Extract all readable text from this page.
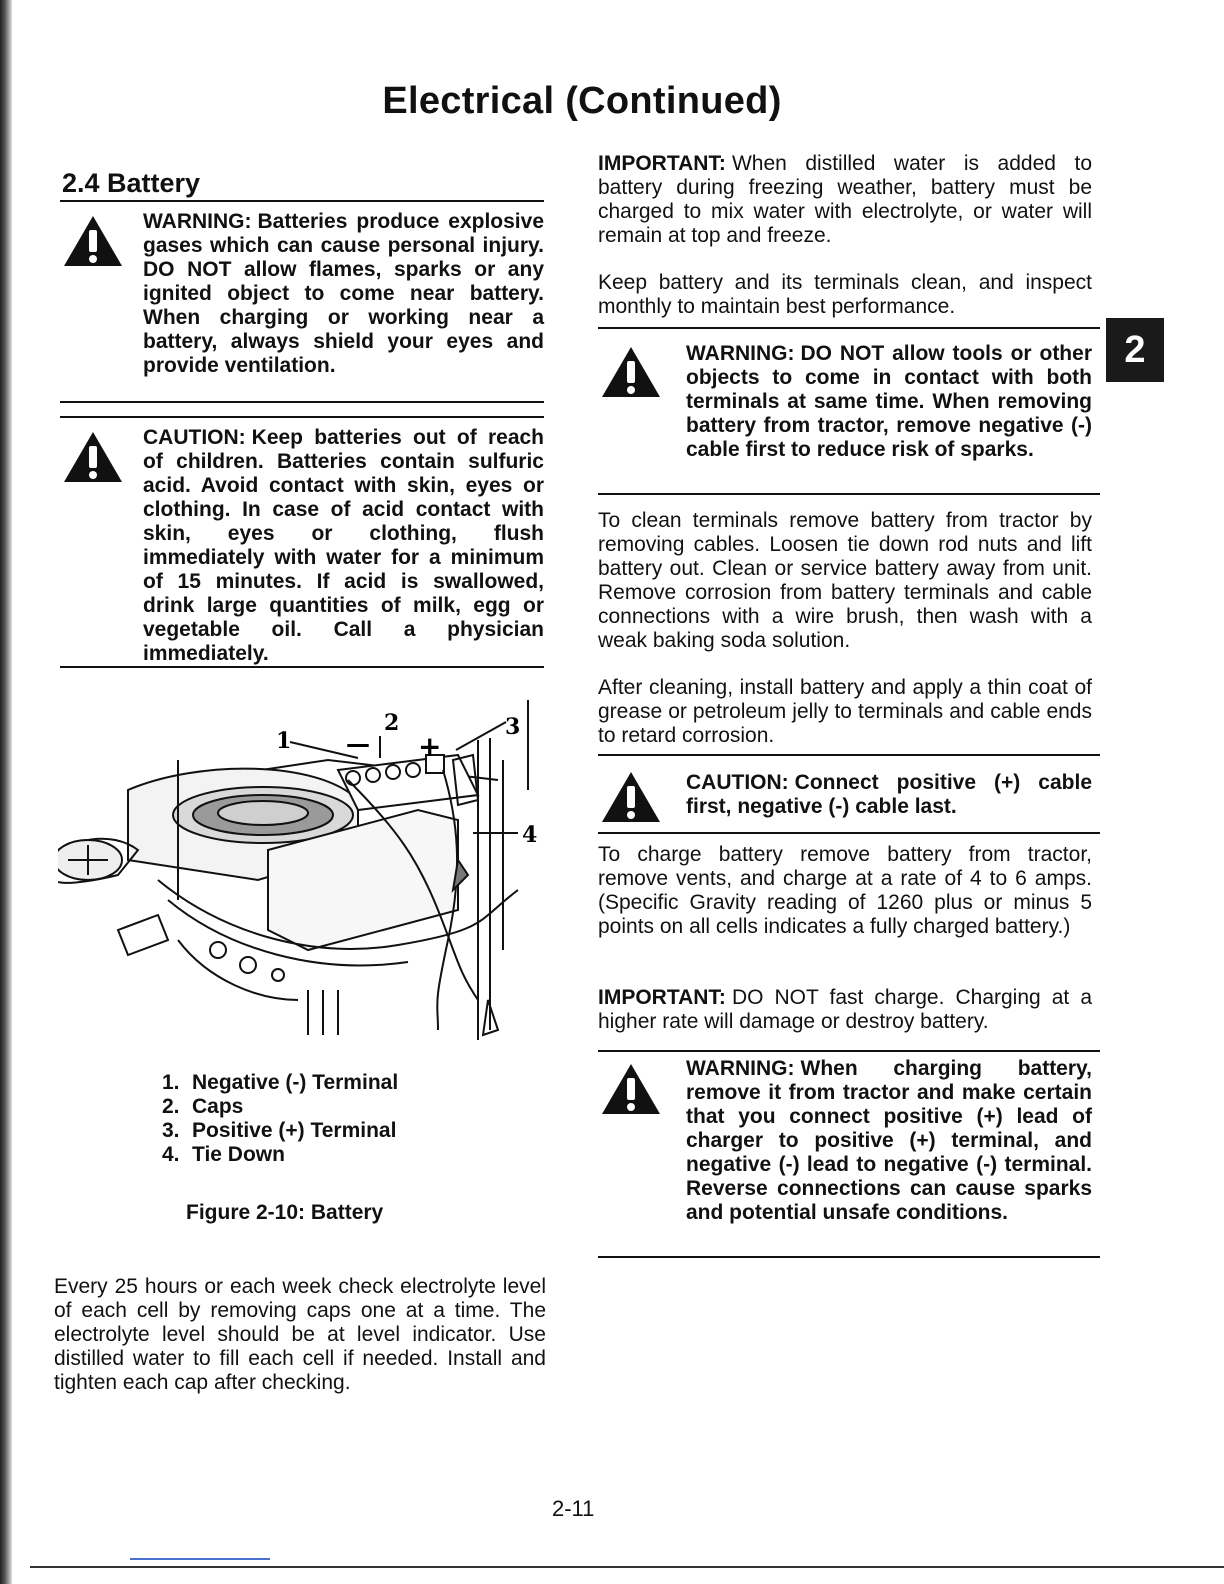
Electrical (Continued)
2.4 Battery
WARNING: Batteries produce explosive gases which can cause personal injury. DO NOT allow flames, sparks or any ignited object to come near battery. When charging or working near a battery, always shield your eyes and provide ventilation.
CAUTION: Keep batteries out of reach of children. Batteries contain sulfuric acid. Avoid contact with skin, eyes or clothing. In case of acid contact with skin, eyes or clothing, flush immediately with water for a minimum of 15 minutes. If acid is swallowed, drink large quantities of milk, egg or vegetable oil. Call a physician immediately.
1
2	3
4
— +
1. Negative (-) Terminal
2. Caps
3. Positive (+) Terminal
4. Tie Down
Figure 2-10: Battery
Every 25 hours or each week check electrolyte level of each cell by removing caps one at a time. The electrolyte level should be at level indicator. Use distilled water to fill each cell if needed. Install and tighten each cap after checking.
IMPORTANT: When distilled water is added to battery during freezing weather, battery must be charged to mix water with electrolyte, or water will remain at top and freeze.
Keep battery and its terminals clean, and inspect monthly to maintain best performance.
2
WARNING: DO NOT allow tools or other objects to come in contact with both terminals at same time. When removing battery from tractor, remove negative (-) cable first to reduce risk of sparks.
To clean terminals remove battery from tractor by removing cables. Loosen tie down rod nuts and lift battery out. Clean or service battery away from unit. Remove corrosion from battery terminals and cable connections with a wire brush, then wash with a weak baking soda solution.
After cleaning, install battery and apply a thin coat of grease or petroleum jelly to terminals and cable ends to retard corrosion.
CAUTION: Connect positive (+) cable first, negative (-) cable last.
To charge battery remove battery from tractor, remove vents, and charge at a rate of 4 to 6 amps. (Specific Gravity reading of 1260 plus or minus 5 points on all cells indicates a fully charged battery.)
IMPORTANT: DO NOT fast charge. Charging at a higher rate will damage or destroy battery.
WARNING: When charging battery, remove it from tractor and make certain that you connect positive (+) lead of charger to positive (+) terminal, and negative (-) lead to negative (-) terminal. Reverse connections can cause sparks and potential unsafe conditions.
2-11
